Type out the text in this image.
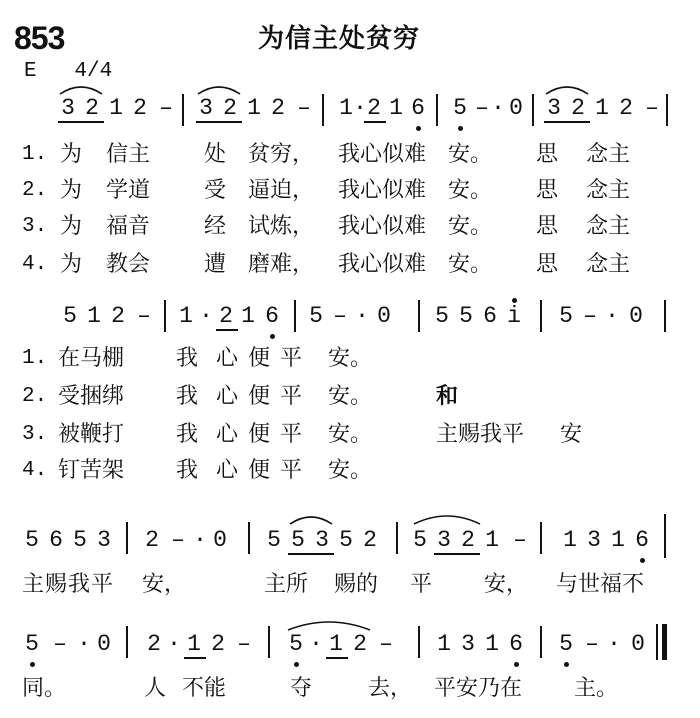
853	为信主处贫穷
E   4/4
3 2 1 2 – 3 2 1 2 – 1 · 2 1 6 5 – · 0 3 2 1 2 –
1. 为 信主 处 贫穷， 我心似难 安。 思 念主
2. 为 学道 受 逼迫， 我心似难 安。 思 念主
3. 为 福音 经 试炼， 我心似难 安。 思 念主
4. 为 教会 遭 磨难， 我心似难 安。 思 念主
5 1 2 – 1 · 2 1 6 5 – · 0 5 5 6 i 5 – · 0
1. 在马棚 我 心便平 安。
2. 受捆绑 我 心便平 安。
3. 被鞭打 我 心便平 安。
4. 钉苦架 我 心便平 安。
和
主赐我平 安
5 6 5 3 2 – · 0 5 5 3 5 2 5 3 2 1 – 1 3 1 6
主赐我平 安，	主所 赐的 平 安， 与世福不
5 – · 0 2 · 1 2 – 5 · 1 2 – 1 3 1 6 5 – · 0
同。	人 不能	夺	去， 平安乃在 主。
